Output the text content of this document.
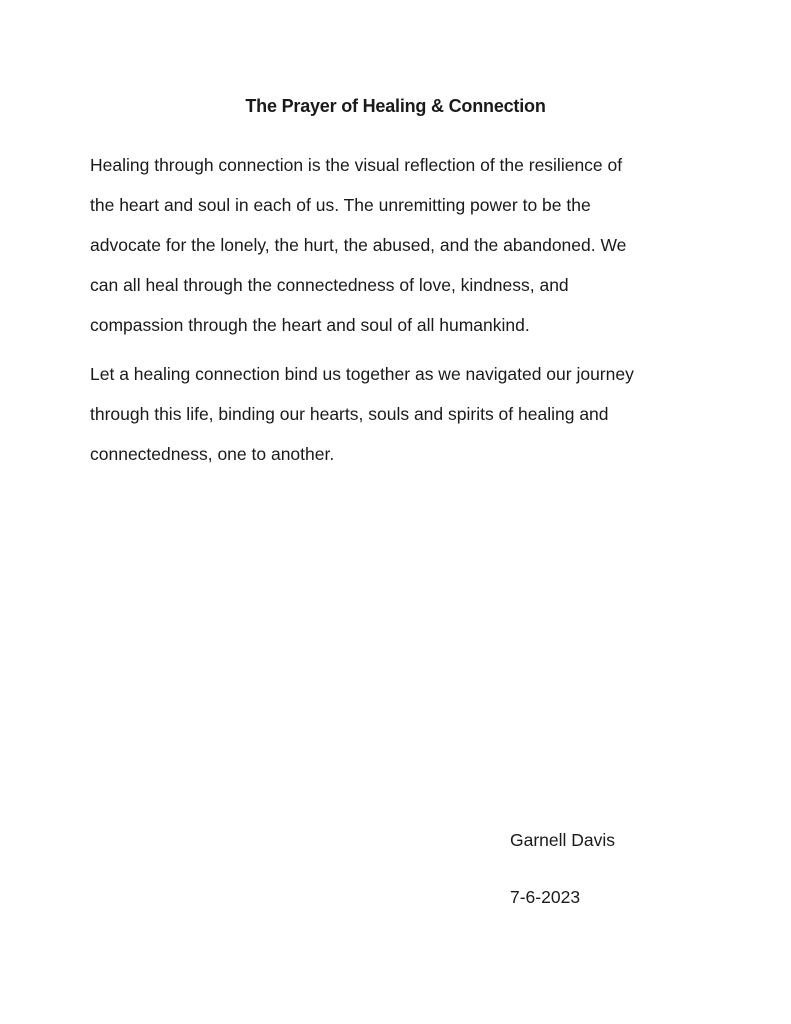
The Prayer of Healing & Connection

Healing through connection is the visual reflection of the resilience of
the heart and soul in each of us. The unremitting power to be the
advocate for the lonely, the hurt, the abused, and the abandoned. We
can all heal through the connectedness of love, kindness, and
compassion through the heart and soul of all humankind.

Let a healing connection bind us together as we navigated our journey
through this life, binding our hearts, souls and spirits of healing and
connectedness, one to another.

Garnell Davis

7-6-2023
